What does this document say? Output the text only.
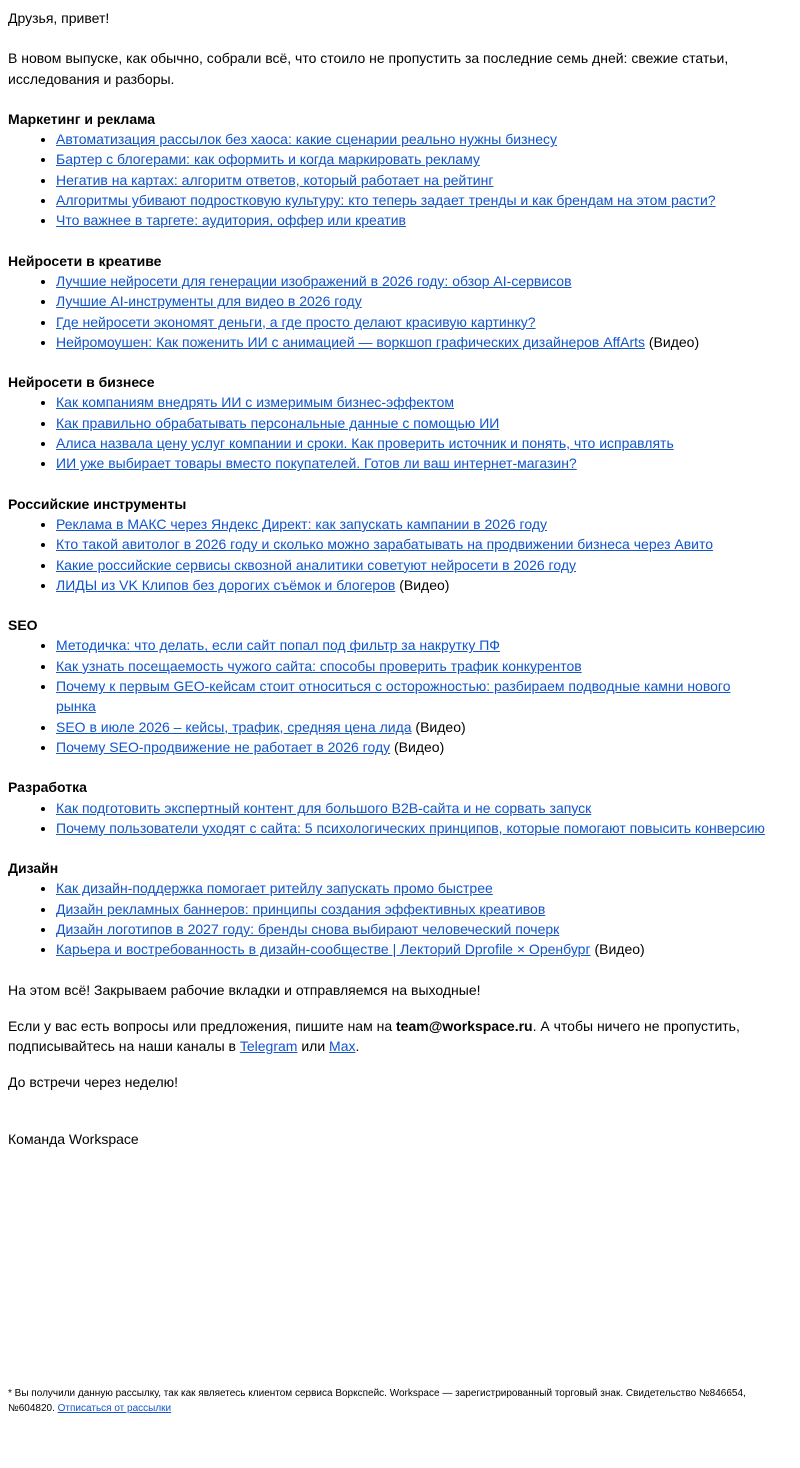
Друзья, привет!

В новом выпуске, как обычно, собрали всё, что стоило не пропустить за последние семь дней: свежие статьи, исследования и разборы.

Маркетинг и реклама

• Автоматизация рассылок без хаоса: какие сценарии реально нужны бизнесу
• Бартер с блогерами: как оформить и когда маркировать рекламу
• Негатив на картах: алгоритм ответов, который работает на рейтинг
• Алгоритмы убивают подростковую культуру: кто теперь задает тренды и как брендам на этом расти?
• Что важнее в таргете: аудитория, оффер или креатив

Нейросети в креативе

• Лучшие нейросети для генерации изображений в 2026 году: обзор AI-сервисов
• Лучшие AI-инструменты для видео в 2026 году
• Где нейросети экономят деньги, а где просто делают красивую картинку?
• Нейромоушен: Как поженить ИИ с анимацией — воркшоп графических дизайнеров AffArts (Видео)

Нейросети в бизнесе

• Как компаниям внедрять ИИ с измеримым бизнес-эффектом
• Как правильно обрабатывать персональные данные с помощью ИИ
• Алиса назвала цену услуг компании и сроки. Как проверить источник и понять, что исправлять
• ИИ уже выбирает товары вместо покупателей. Готов ли ваш интернет-магазин?

Российские инструменты

• Реклама в МАКС через Яндекс Директ: как запускать кампании в 2026 году
• Кто такой авитолог в 2026 году и сколько можно зарабатывать на продвижении бизнеса через Авито
• Какие российские сервисы сквозной аналитики советуют нейросети в 2026 году
• ЛИДЫ из VK Клипов без дорогих съёмок и блогеров (Видео)

SEO

• Методичка: что делать, если сайт попал под фильтр за накрутку ПФ
• Как узнать посещаемость чужого сайта: способы проверить трафик конкурентов
• Почему к первым GEO-кейсам стоит относиться с осторожностью: разбираем подводные камни нового рынка
• SEO в июле 2026 – кейсы, трафик, средняя цена лида (Видео)
• Почему SEO-продвижение не работает в 2026 году (Видео)

Разработка

• Как подготовить экспертный контент для большого B2B-сайта и не сорвать запуск
• Почему пользователи уходят с сайта: 5 психологических принципов, которые помогают повысить конверсию

Дизайн

• Как дизайн-поддержка помогает ритейлу запускать промо быстрее
• Дизайн рекламных баннеров: принципы создания эффективных креативов
• Дизайн логотипов в 2027 году: бренды снова выбирают человеческий почерк
• Карьера и востребованность в дизайн-сообществе | Лекторий Dprofile × Оренбург (Видео)

На этом всё! Закрываем рабочие вкладки и отправляемся на выходные!

Если у вас есть вопросы или предложения, пишите нам на team@workspace.ru. А чтобы ничего не пропустить, подписывайтесь на наши каналы в Telegram или Max.

До встречи через неделю!

Команда Workspace

* Вы получили данную рассылку, так как являетесь клиентом сервиса Воркспейс. Workspace — зарегистрированный торговый знак. Свидетельство №846654, №604820. Отписаться от рассылки
